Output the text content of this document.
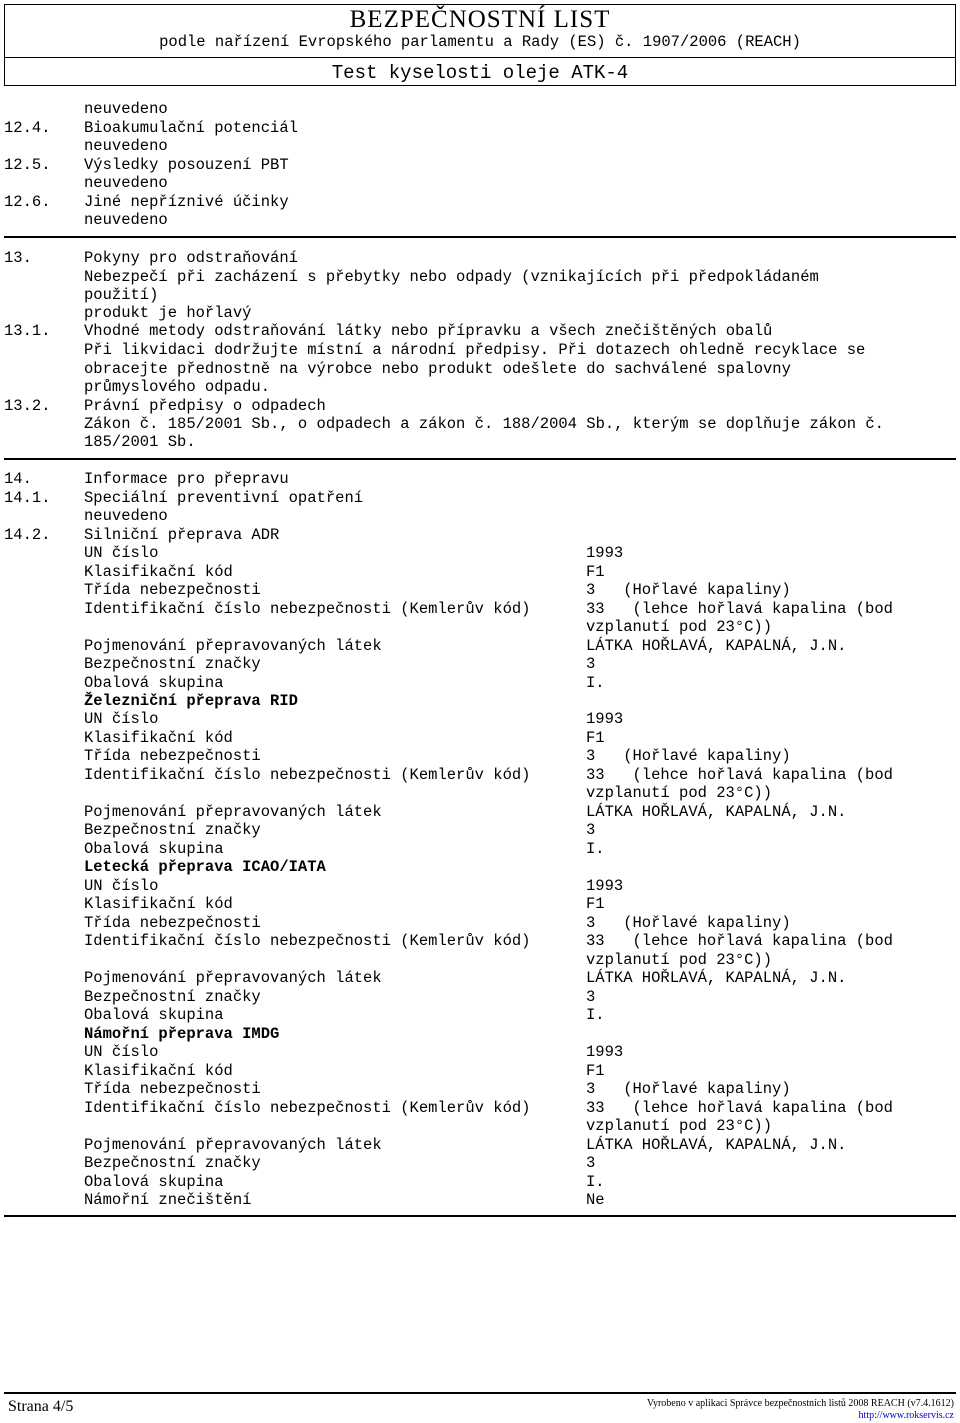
BEZPEČNOSTNÍ LIST
podle nařízení Evropského parlamentu a Rady (ES) č. 1907/2006 (REACH)
Test kyselosti oleje ATK-4
neuvedeno
12.4. Bioakumulační potenciál
neuvedeno
12.5. Výsledky posouzení PBT
neuvedeno
12.6. Jiné nepříznivé účinky
neuvedeno
13.	Pokyny pro odstraňování
Nebezpečí při zacházení s přebytky nebo odpady (vznikajících při předpokládaném
použití)
produkt je hořlavý
13.1. Vhodné metody odstraňování látky nebo přípravku a všech znečištěných obalů
Při likvidaci dodržujte místní a národní předpisy. Při dotazech ohledně recyklace se
obracejte přednostně na výrobce nebo produkt odešlete do sachválené spalovny
průmyslového odpadu.
13.2. Právní předpisy o odpadech
Zákon č. 185/2001 Sb., o odpadech a zákon č. 188/2004 Sb., kterým se doplňuje zákon č.
185/2001 Sb.
14.	Informace pro přepravu
14.1. Speciální preventivní opatření
neuvedeno
14.2. Silniční přeprava ADR
UN číslo	1993
Klasifikační kód	F1
Třída nebezpečnosti	3   (Hořlavé kapaliny)
Identifikační číslo nebezpečnosti (Kemlerův kód)	33   (lehce hořlavá kapalina (bod
vzplanutí pod 23°C))
Pojmenování přepravovaných látek	LÁTKA HOŘLAVÁ, KAPALNÁ, J.N.
Bezpečnostní značky	3
Obalová skupina	I.
Železniční přeprava RID
UN číslo	1993
Klasifikační kód	F1
Třída nebezpečnosti	3   (Hořlavé kapaliny)
Identifikační číslo nebezpečnosti (Kemlerův kód)	33   (lehce hořlavá kapalina (bod
vzplanutí pod 23°C))
Pojmenování přepravovaných látek	LÁTKA HOŘLAVÁ, KAPALNÁ, J.N.
Bezpečnostní značky	3
Obalová skupina	I.
Letecká přeprava ICAO/IATA
UN číslo	1993
Klasifikační kód	F1
Třída nebezpečnosti	3   (Hořlavé kapaliny)
Identifikační číslo nebezpečnosti (Kemlerův kód)	33   (lehce hořlavá kapalina (bod
vzplanutí pod 23°C))
Pojmenování přepravovaných látek	LÁTKA HOŘLAVÁ, KAPALNÁ, J.N.
Bezpečnostní značky	3
Obalová skupina	I.
Námořní přeprava IMDG
UN číslo	1993
Klasifikační kód	F1
Třída nebezpečnosti	3   (Hořlavé kapaliny)
Identifikační číslo nebezpečnosti (Kemlerův kód)	33   (lehce hořlavá kapalina (bod
vzplanutí pod 23°C))
Pojmenování přepravovaných látek	LÁTKA HOŘLAVÁ, KAPALNÁ, J.N.
Bezpečnostní značky	3
Obalová skupina	I.
Námořní znečištění	Ne
Strana 4/5	Vyrobeno v aplikaci Správce bezpečnostních listů 2008 REACH (v7.4.1612)
http://www.rokservis.cz
